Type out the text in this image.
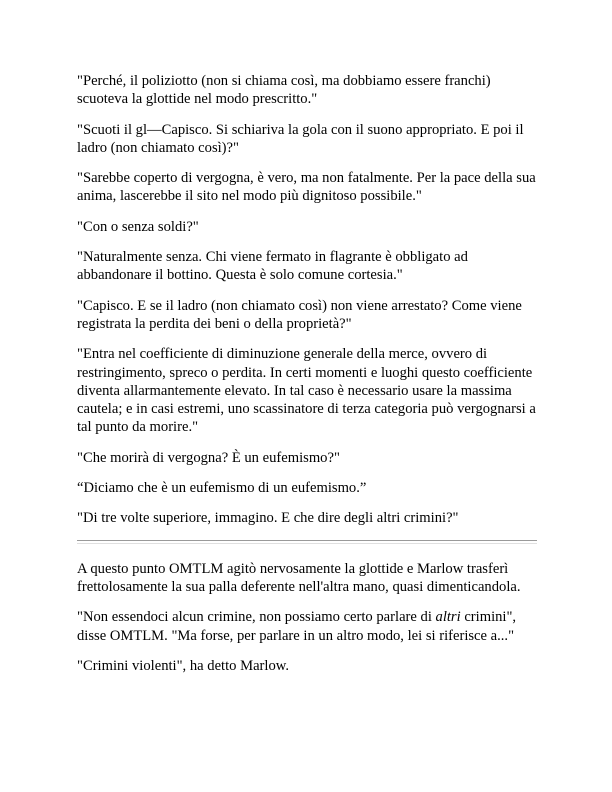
"Perché, il poliziotto (non si chiama così, ma dobbiamo essere franchi) scuoteva la glottide nel modo prescritto."

"Scuoti il gl—Capisco. Si schiariva la gola con il suono appropriato. E poi il ladro (non chiamato così)?"

"Sarebbe coperto di vergogna, è vero, ma non fatalmente. Per la pace della sua anima, lascerebbe il sito nel modo più dignitoso possibile."

"Con o senza soldi?"

"Naturalmente senza. Chi viene fermato in flagrante è obbligato ad abbandonare il bottino. Questa è solo comune cortesia."

"Capisco. E se il ladro (non chiamato così) non viene arrestato? Come viene registrata la perdita dei beni o della proprietà?"

"Entra nel coefficiente di diminuzione generale della merce, ovvero di restringimento, spreco o perdita. In certi momenti e luoghi questo coefficiente diventa allarmantemente elevato. In tal caso è necessario usare la massima cautela; e in casi estremi, uno scassinatore di terza categoria può vergognarsi a tal punto da morire."

"Che morirà di vergogna? È un eufemismo?"

“Diciamo che è un eufemismo di un eufemismo.”

"Di tre volte superiore, immagino. E che dire degli altri crimini?"

A questo punto OMTLM agitò nervosamente la glottide e Marlow trasferì frettolosamente la sua palla deferente nell'altra mano, quasi dimenticandola.

"Non essendoci alcun crimine, non possiamo certo parlare di altri crimini", disse OMTLM. "Ma forse, per parlare in un altro modo, lei si riferisce a..."

"Crimini violenti", ha detto Marlow.
